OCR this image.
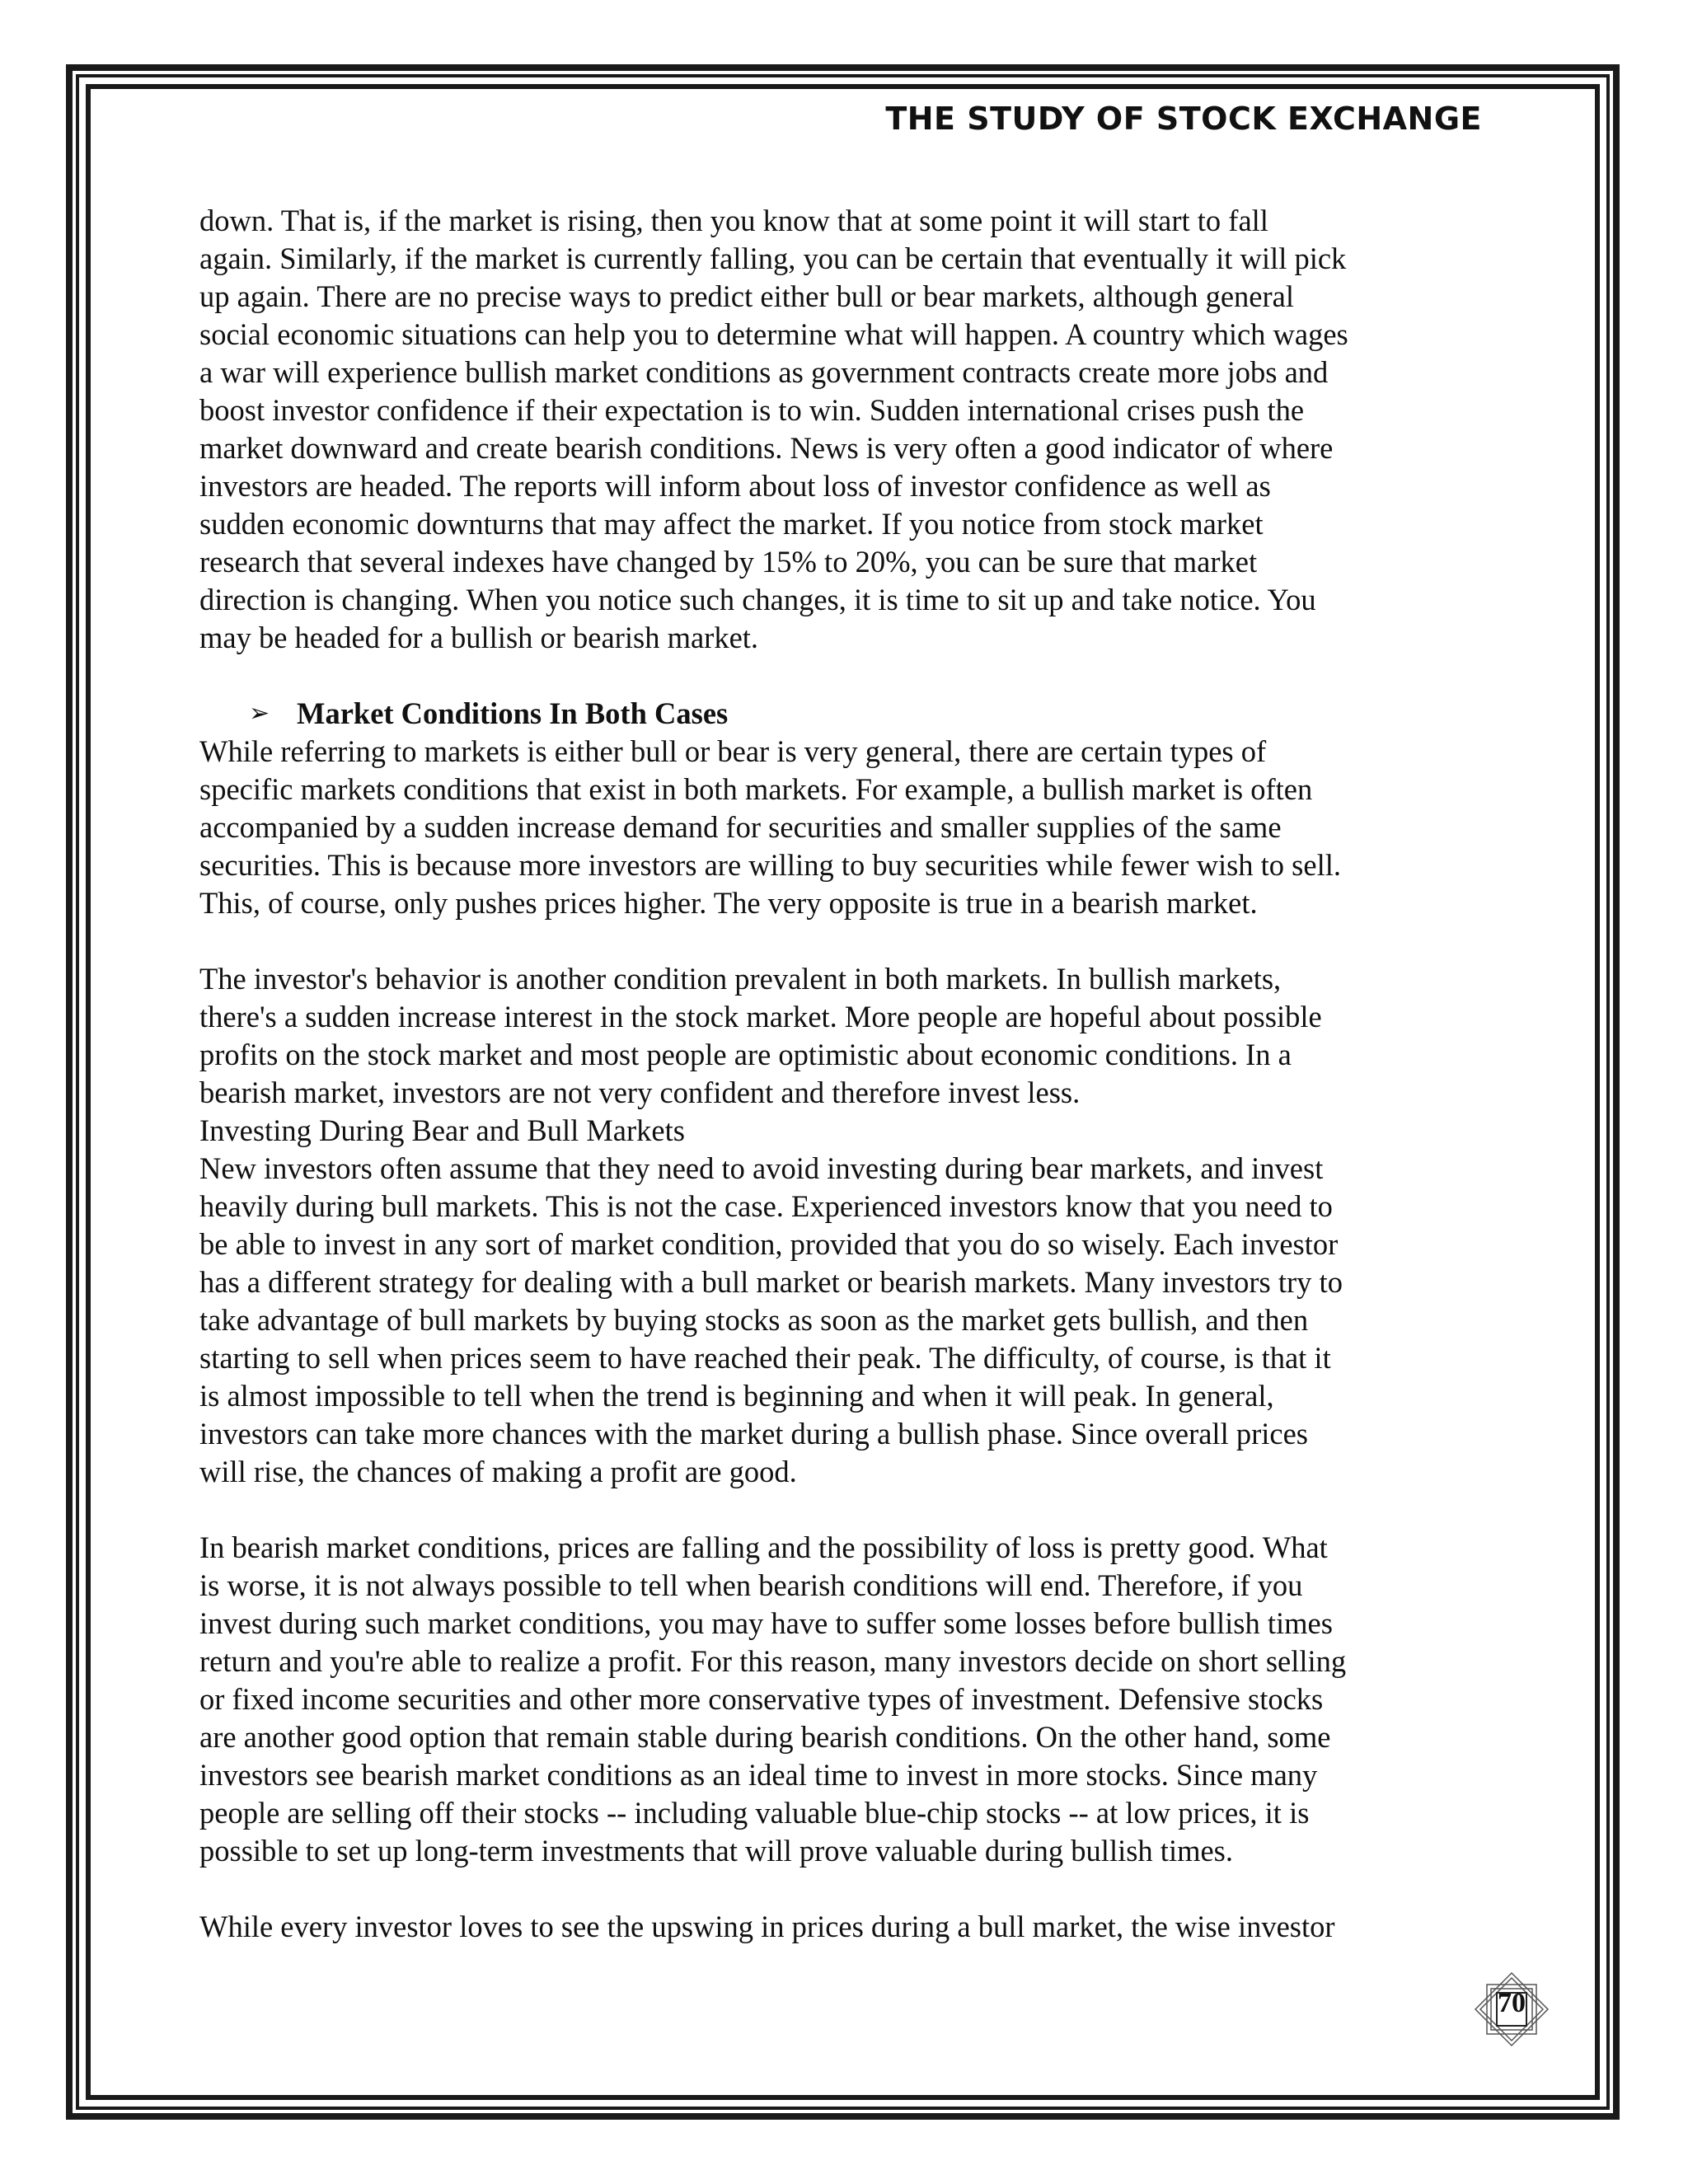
THE STUDY OF STOCK EXCHANGE

down. That is, if the market is rising, then you know that at some point it will start to fall

again. Similarly, if the market is currently falling, you can be certain that eventually it will pick

up again. There are no precise ways to predict either bull or bear markets, although general

social economic situations can help you to determine what will happen. A country which wages

a war will experience bullish market conditions as government contracts create more jobs and

boost investor confidence if their expectation is to win. Sudden international crises push the

market downward and create bearish conditions. News is very often a good indicator of where

investors are headed. The reports will inform about loss of investor confidence as well as

sudden economic downturns that may affect the market. If you notice from stock market

research that several indexes have changed by 15% to 20%, you can be sure that market

direction is changing. When you notice such changes, it is time to sit up and take notice. You

may be headed for a bullish or bearish market.

➢ Market Conditions In Both Cases

While referring to markets is either bull or bear is very general, there are certain types of

specific markets conditions that exist in both markets. For example, a bullish market is often

accompanied by a sudden increase demand for securities and smaller supplies of the same

securities. This is because more investors are willing to buy securities while fewer wish to sell.

This, of course, only pushes prices higher. The very opposite is true in a bearish market.

The investor's behavior is another condition prevalent in both markets. In bullish markets,

there's a sudden increase interest in the stock market. More people are hopeful about possible

profits on the stock market and most people are optimistic about economic conditions. In a

bearish market, investors are not very confident and therefore invest less.

Investing During Bear and Bull Markets

New investors often assume that they need to avoid investing during bear markets, and invest

heavily during bull markets. This is not the case. Experienced investors know that you need to

be able to invest in any sort of market condition, provided that you do so wisely. Each investor

has a different strategy for dealing with a bull market or bearish markets. Many investors try to

take advantage of bull markets by buying stocks as soon as the market gets bullish, and then

starting to sell when prices seem to have reached their peak. The difficulty, of course, is that it

is almost impossible to tell when the trend is beginning and when it will peak. In general,

investors can take more chances with the market during a bullish phase. Since overall prices

will rise, the chances of making a profit are good.

In bearish market conditions, prices are falling and the possibility of loss is pretty good. What

is worse, it is not always possible to tell when bearish conditions will end. Therefore, if you

invest during such market conditions, you may have to suffer some losses before bullish times

return and you're able to realize a profit. For this reason, many investors decide on short selling

or fixed income securities and other more conservative types of investment. Defensive stocks

are another good option that remain stable during bearish conditions. On the other hand, some

investors see bearish market conditions as an ideal time to invest in more stocks. Since many

people are selling off their stocks -- including valuable blue-chip stocks -- at low prices, it is

possible to set up long-term investments that will prove valuable during bullish times.

While every investor loves to see the upswing in prices during a bull market, the wise investor

70
